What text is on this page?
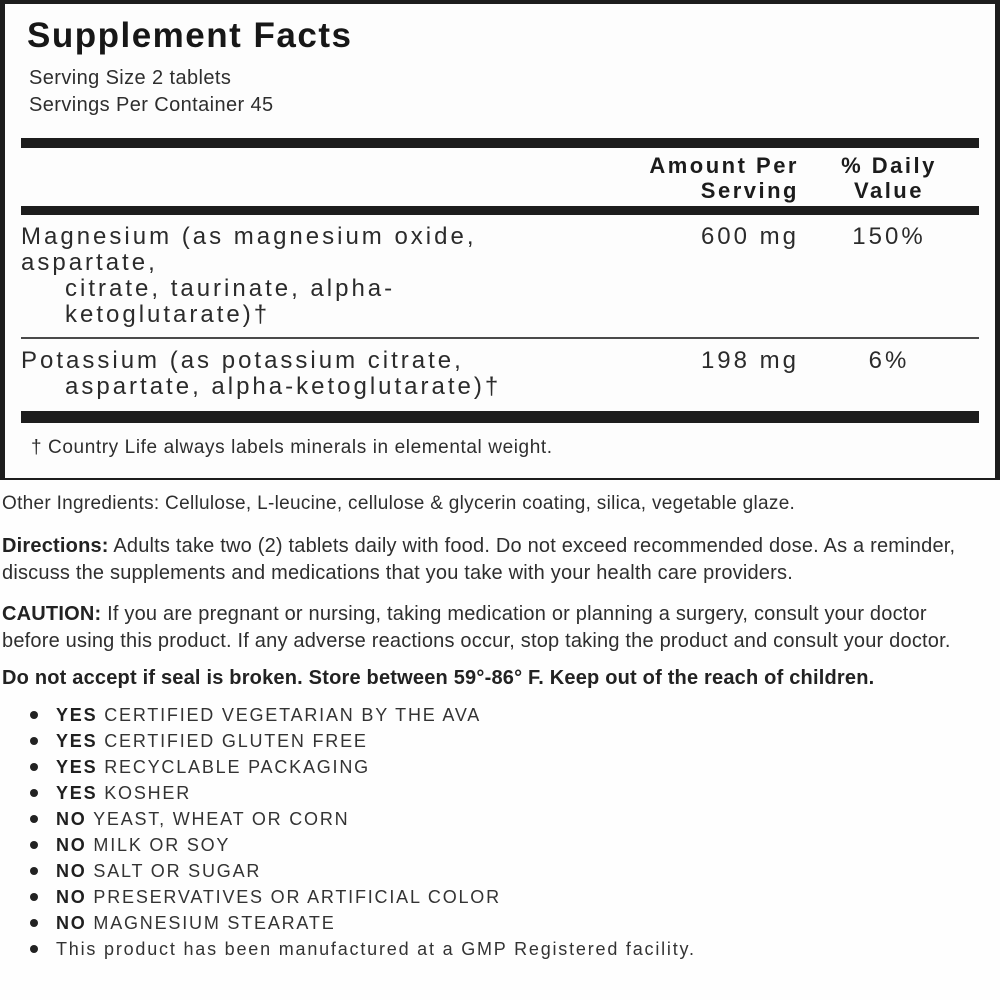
Supplement Facts
Serving Size 2 tablets
Servings Per Container 45
Amount Per
Serving
% Daily
Value
Magnesium (as magnesium oxide,
aspartate,
citrate, taurinate, alpha-
ketoglutarate)†
600 mg	150%
Potassium (as potassium citrate,
aspartate, alpha-ketoglutarate)†
198 mg	6%
† Country Life always labels minerals in elemental weight.

Other Ingredients: Cellulose, L-leucine, cellulose & glycerin coating, silica, vegetable glaze.

Directions: Adults take two (2) tablets daily with food. Do not exceed recommended dose. As a reminder, discuss the supplements and medications that you take with your health care providers.

CAUTION: If you are pregnant or nursing, taking medication or planning a surgery, consult your doctor before using this product. If any adverse reactions occur, stop taking the product and consult your doctor.

Do not accept if seal is broken. Store between 59°-86° F. Keep out of the reach of children.

YES CERTIFIED VEGETARIAN BY THE AVA
YES CERTIFIED GLUTEN FREE
YES RECYCLABLE PACKAGING
YES KOSHER
NO YEAST, WHEAT OR CORN
NO MILK OR SOY
NO SALT OR SUGAR
NO PRESERVATIVES OR ARTIFICIAL COLOR
NO MAGNESIUM STEARATE
This product has been manufactured at a GMP Registered facility.
